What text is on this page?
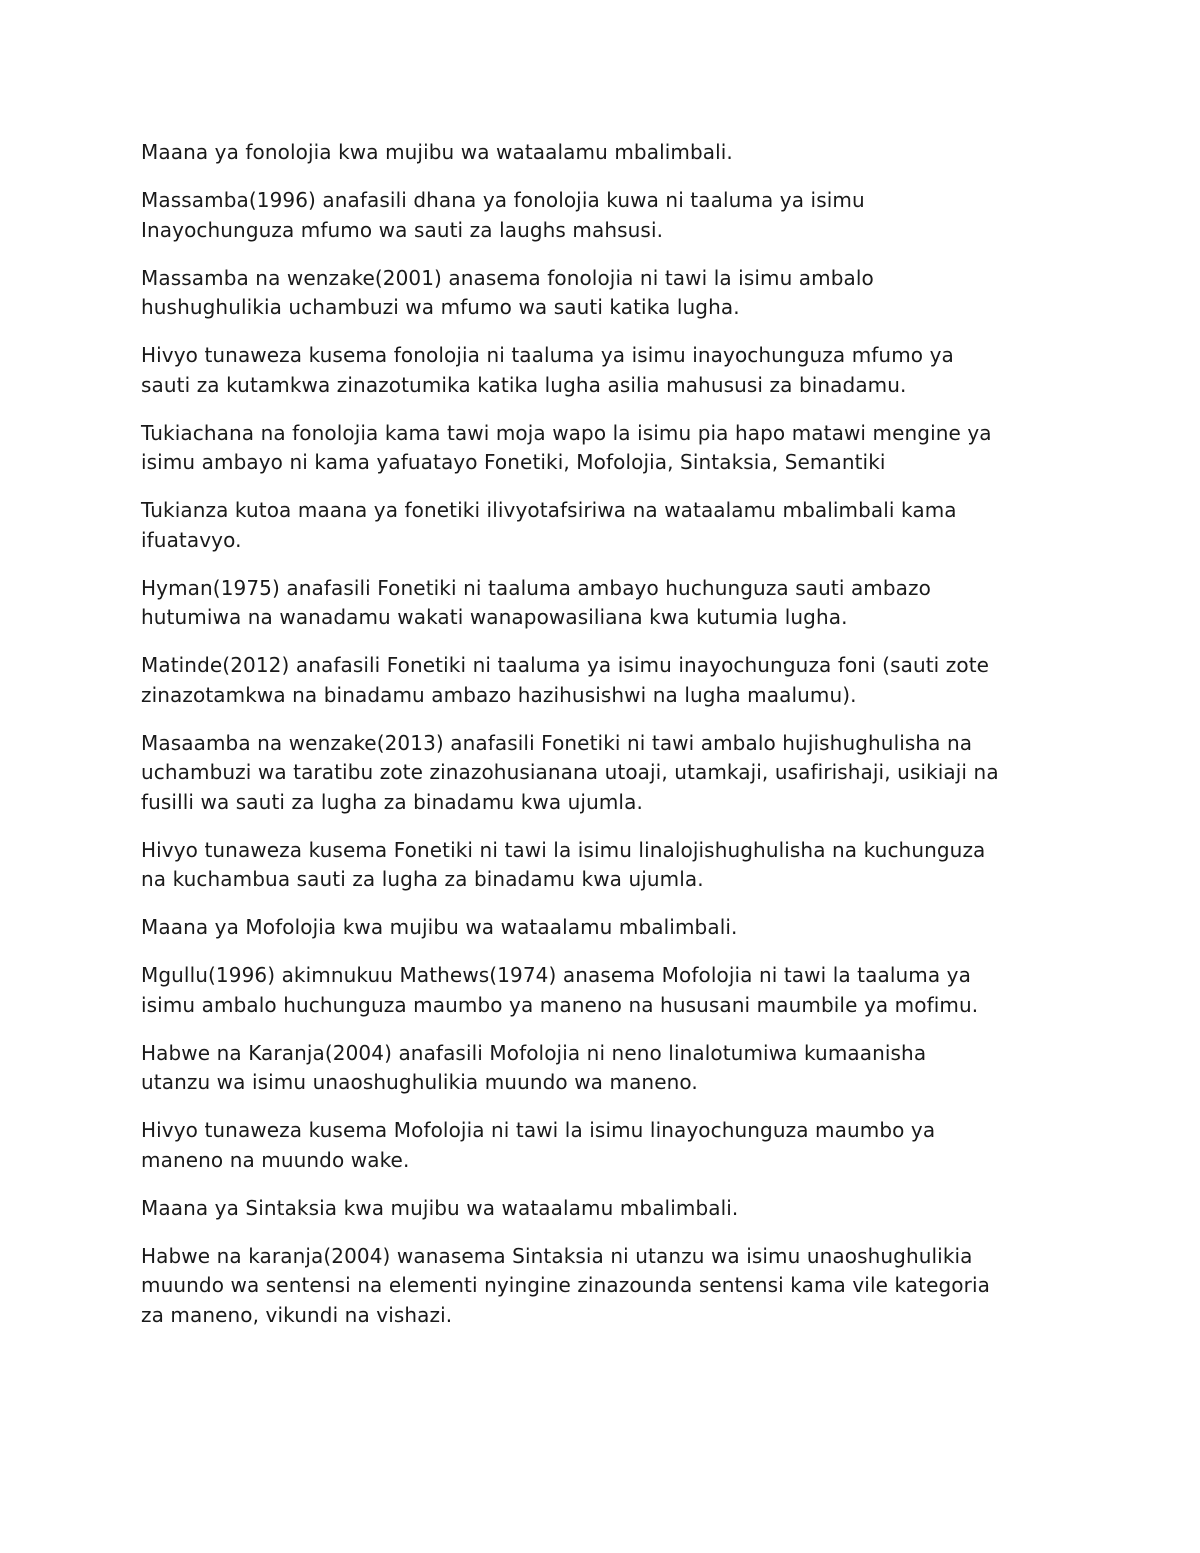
Maana ya fonolojia kwa mujibu wa wataalamu mbalimbali.

Massamba(1996) anafasili dhana ya fonolojia kuwa ni taaluma ya isimu
Inayochunguza mfumo wa sauti za laughs mahsusi.

Massamba na wenzake(2001) anasema fonolojia ni tawi la isimu ambalo
hushughulikia uchambuzi wa mfumo wa sauti katika lugha.

Hivyo tunaweza kusema fonolojia ni taaluma ya isimu inayochunguza mfumo ya
sauti za kutamkwa zinazotumika katika lugha asilia mahususi za binadamu.

Tukiachana na fonolojia kama tawi moja wapo la isimu pia hapo matawi mengine ya
isimu ambayo ni kama yafuatayo Fonetiki, Mofolojia, Sintaksia, Semantiki

Tukianza kutoa maana ya fonetiki ilivyotafsiriwa na wataalamu mbalimbali kama
ifuatavyo.

Hyman(1975) anafasili Fonetiki ni taaluma ambayo huchunguza sauti ambazo
hutumiwa na wanadamu wakati wanapowasiliana kwa kutumia lugha.

Matinde(2012) anafasili Fonetiki ni taaluma ya isimu inayochunguza foni (sauti zote
zinazotamkwa na binadamu ambazo hazihusishwi na lugha maalumu).

Masaamba na wenzake(2013) anafasili Fonetiki ni tawi ambalo hujishughulisha na
uchambuzi wa taratibu zote zinazohusianana utoaji, utamkaji, usafirishaji, usikiaji na
fusilli wa sauti za lugha za binadamu kwa ujumla.

Hivyo tunaweza kusema Fonetiki ni tawi la isimu linalojishughulisha na kuchunguza
na kuchambua sauti za lugha za binadamu kwa ujumla.

Maana ya Mofolojia kwa mujibu wa wataalamu mbalimbali.

Mgullu(1996) akimnukuu Mathews(1974) anasema Mofolojia ni tawi la taaluma ya
isimu ambalo huchunguza maumbo ya maneno na hususani maumbile ya mofimu.

Habwe na Karanja(2004) anafasili Mofolojia ni neno linalotumiwa kumaanisha
utanzu wa isimu unaoshughulikia muundo wa maneno.

Hivyo tunaweza kusema Mofolojia ni tawi la isimu linayochunguza maumbo ya
maneno na muundo wake.

Maana ya Sintaksia kwa mujibu wa wataalamu mbalimbali.

Habwe na karanja(2004) wanasema Sintaksia ni utanzu wa isimu unaoshughulikia
muundo wa sentensi na elementi nyingine zinazounda sentensi kama vile kategoria
za maneno, vikundi na vishazi.
